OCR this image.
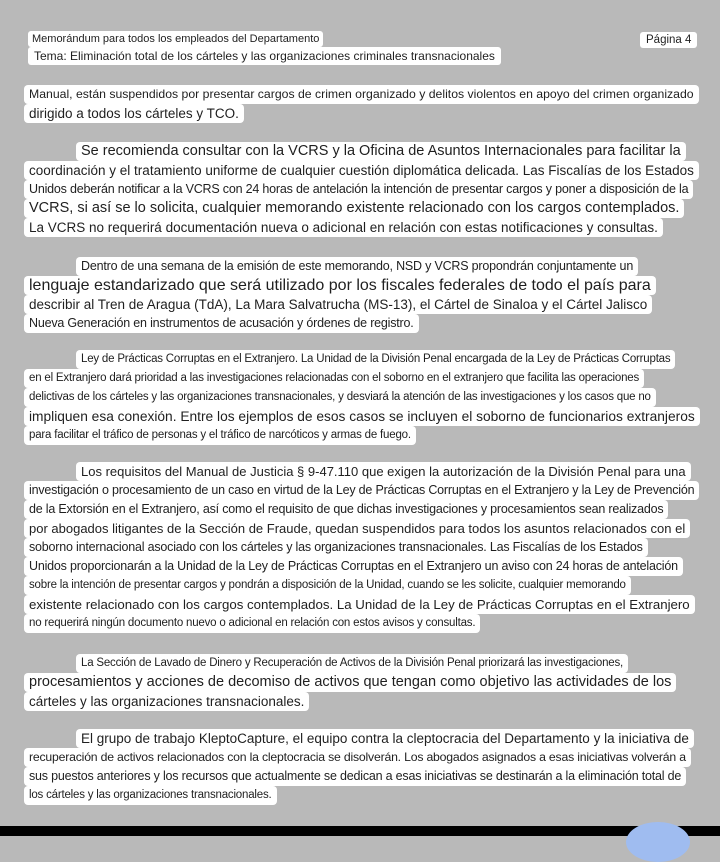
Memorándum para todos los empleados del Departamento
Tema: Eliminación total de los cárteles y las organizaciones criminales transnacionales
Página 4
Manual, están suspendidos por presentar cargos de crimen organizado y delitos violentos en apoyo del crimen organizado
dirigido a todos los cárteles y TCO.
Se recomienda consultar con la VCRS y la Oficina de Asuntos Internacionales para facilitar la
coordinación y el tratamiento uniforme de cualquier cuestión diplomática delicada. Las Fiscalías de los Estados
Unidos deberán notificar a la VCRS con 24 horas de antelación la intención de presentar cargos y poner a disposición de la
VCRS, si así se lo solicita, cualquier memorando existente relacionado con los cargos contemplados.
La VCRS no requerirá documentación nueva o adicional en relación con estas notificaciones y consultas.
Dentro de una semana de la emisión de este memorando, NSD y VCRS propondrán conjuntamente un
lenguaje estandarizado que será utilizado por los fiscales federales de todo el país para
describir al Tren de Aragua (TdA), La Mara Salvatrucha (MS-13), el Cártel de Sinaloa y el Cártel Jalisco
Nueva Generación en instrumentos de acusación y órdenes de registro.
Ley de Prácticas Corruptas en el Extranjero. La Unidad de la División Penal encargada de la Ley de Prácticas Corruptas
en el Extranjero dará prioridad a las investigaciones relacionadas con el soborno en el extranjero que facilita las operaciones
delictivas de los cárteles y las organizaciones transnacionales, y desviará la atención de las investigaciones y los casos que no
impliquen esa conexión. Entre los ejemplos de esos casos se incluyen el soborno de funcionarios extranjeros
para facilitar el tráfico de personas y el tráfico de narcóticos y armas de fuego.
Los requisitos del Manual de Justicia § 9-47.110 que exigen la autorización de la División Penal para una
investigación o procesamiento de un caso en virtud de la Ley de Prácticas Corruptas en el Extranjero y la Ley de Prevención
de la Extorsión en el Extranjero, así como el requisito de que dichas investigaciones y procesamientos sean realizados
por abogados litigantes de la Sección de Fraude, quedan suspendidos para todos los asuntos relacionados con el
soborno internacional asociado con los cárteles y las organizaciones transnacionales. Las Fiscalías de los Estados
Unidos proporcionarán a la Unidad de la Ley de Prácticas Corruptas en el Extranjero un aviso con 24 horas de antelación
sobre la intención de presentar cargos y pondrán a disposición de la Unidad, cuando se les solicite, cualquier memorando
existente relacionado con los cargos contemplados. La Unidad de la Ley de Prácticas Corruptas en el Extranjero
no requerirá ningún documento nuevo o adicional en relación con estos avisos y consultas.
La Sección de Lavado de Dinero y Recuperación de Activos de la División Penal priorizará las investigaciones,
procesamientos y acciones de decomiso de activos que tengan como objetivo las actividades de los
cárteles y las organizaciones transnacionales.
El grupo de trabajo KleptoCapture, el equipo contra la cleptocracia del Departamento y la iniciativa de
recuperación de activos relacionados con la cleptocracia se disolverán. Los abogados asignados a esas iniciativas volverán a
sus puestos anteriores y los recursos que actualmente se dedican a esas iniciativas se destinarán a la eliminación total de
los cárteles y las organizaciones transnacionales.
